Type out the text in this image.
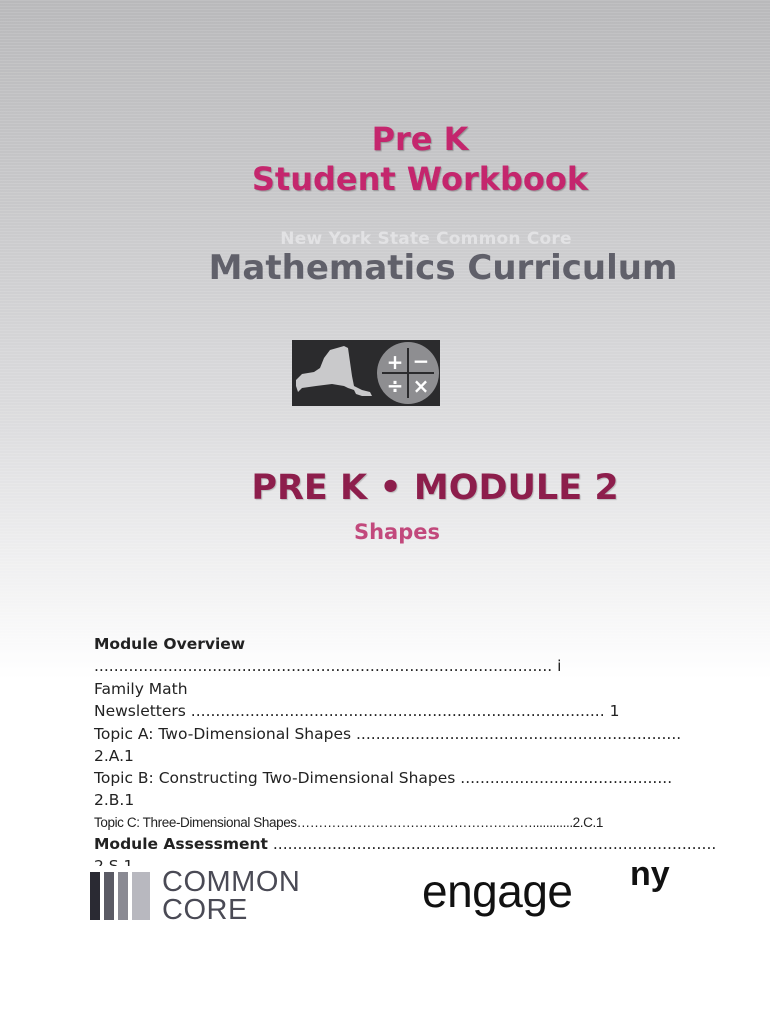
Pre K
Student Workbook
New York State Common Core
Mathematics Curriculum
+ −
÷ ×
PRE K • MODULE 2
Shapes
Module Overview
............................................................................................. i
Family Math
Newsletters .................................................................................... 1
Topic A: Two-Dimensional Shapes ..................................................................
2.A.1
Topic B: Constructing Two-Dimensional Shapes ...........................................
2.B.1
Topic C: Three-Dimensional Shapes………………………………………………............2.C.1
Module Assessment ..........................................................................................
COMMON
CORE	engage ny
